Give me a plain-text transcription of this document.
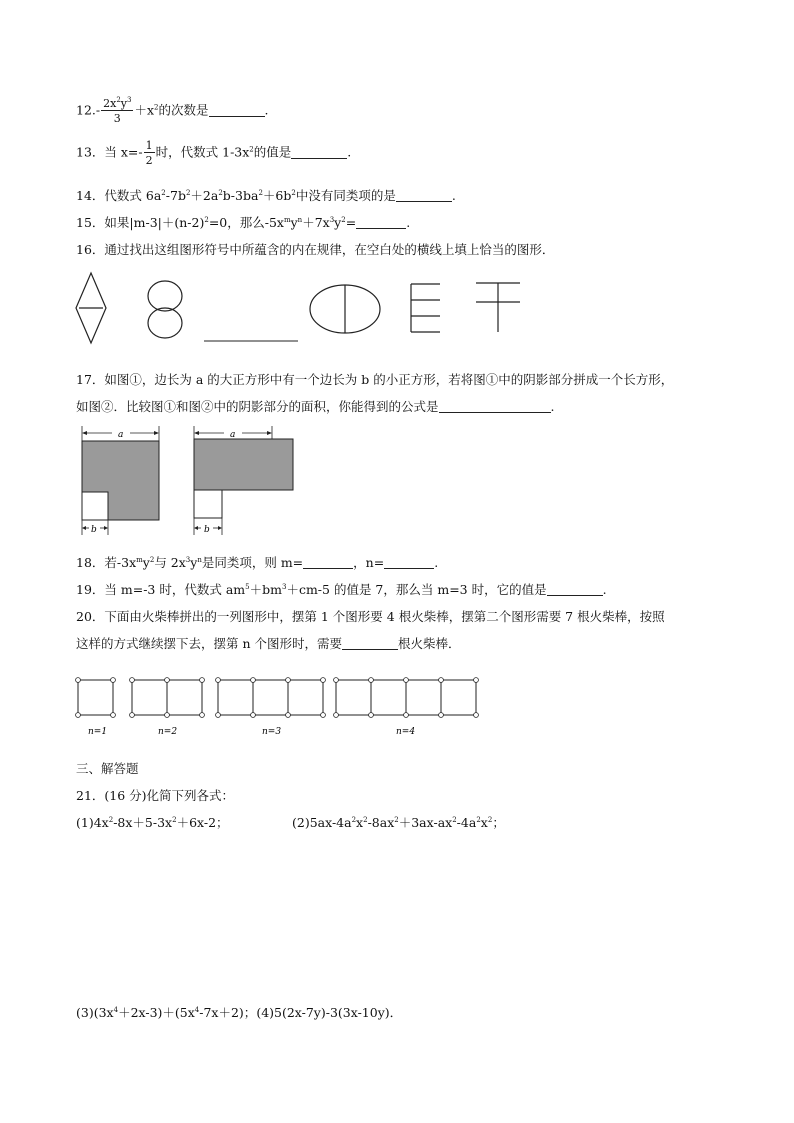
$12.- \frac{2x^2y^3}{3} +x^2$的次数是	.
13．当 $x=- \frac{1}{2}$ 时，代数式 $1-3x^2$的值是	.
14．代数式 $6a^2-7b^2+2a^2b-3ba^2+6b^2$中没有同类项的是	.
15．如果$|m-3|+(n-2)^2=0$，那么$-5x^my^n+7x^3y^2=$	.
16．通过找出这组图形符号中所蕴含的内在规律，在空白处的横线上填上恰当的图形．
17．如图①，边长为 a 的大正方形中有一个边长为 b 的小正方形，若将图①中的阴影部分拼成一个长方形，
如图②．比较图①和图②中的阴影部分的面积，你能得到的公式是	.
a
b
a
b
18．若$-3x^my^2$与 $2x^3y^n$是同类项，则 m=	，n=	.
19．当 m=-3 时，代数式 $am^5+bm^3+cm-5$ 的值是 7，那么当 m=3 时，它的值是	.
20．下面由火柴棒拼出的一列图形中，摆第 1 个图形要 4 根火柴棒，摆第二个图形需要 7 根火柴棒，按照
这样的方式继续摆下去，摆第 n 个图形时，需要	根火柴棒．
n=1	n=2	n=3	n=4
三、解答题
21．(16 分)化简下列各式：
$(1)4x^2-8x+5-3x^2+6x-2$；	$(2)5ax-4a^2x^2-8ax^2+3ax-ax^2-4a^2x^2$；
$(3)(3x^4+2x-3)+(5x^4-7x+2)$；(4)5(2x-7y)-3(3x-10y)．
